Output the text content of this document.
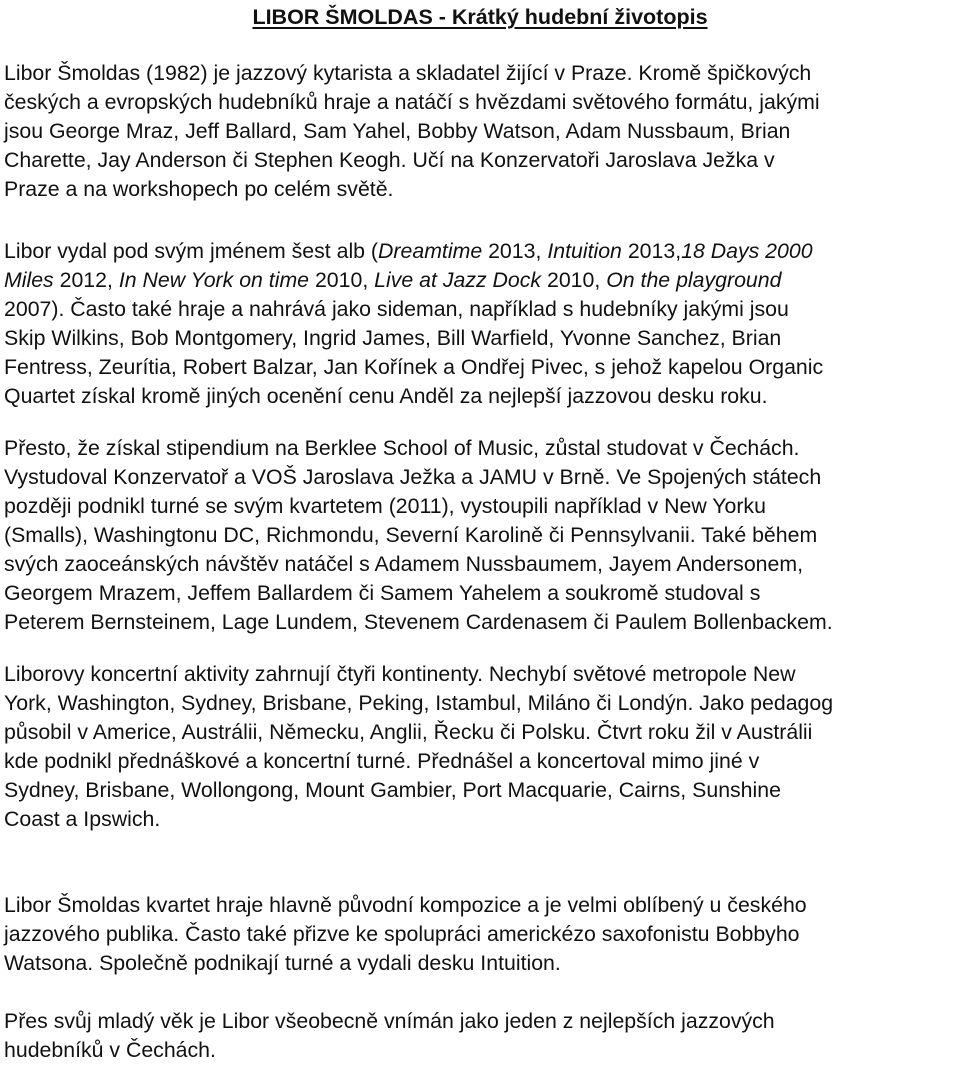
LIBOR ŠMOLDAS - Krátký hudební životopis

Libor Šmoldas (1982) je jazzový kytarista a skladatel žijící v Praze. Kromě špičkových
českých a evropských hudebníků hraje a natáčí s hvězdami světového formátu, jakými
jsou George Mraz, Jeff Ballard, Sam Yahel, Bobby Watson, Adam Nussbaum, Brian
Charette, Jay Anderson či Stephen Keogh. Učí na Konzervatoři Jaroslava Ježka v
Praze a na workshopech po celém světě.

Libor vydal pod svým jménem šest alb (Dreamtime 2013, Intuition 2013,18 Days 2000
Miles 2012, In New York on time 2010, Live at Jazz Dock 2010, On the playground
2007). Často také hraje a nahrává jako sideman, například s hudebníky jakými jsou
Skip Wilkins, Bob Montgomery, Ingrid James, Bill Warfield, Yvonne Sanchez, Brian
Fentress, Zeurítia, Robert Balzar, Jan Kořínek a Ondřej Pivec, s jehož kapelou Organic
Quartet získal kromě jiných ocenění cenu Anděl za nejlepší jazzovou desku roku.

Přesto, že získal stipendium na Berklee School of Music, zůstal studovat v Čechách.
Vystudoval Konzervatoř a VOŠ Jaroslava Ježka a JAMU v Brně. Ve Spojených státech
později podnikl turné se svým kvartetem (2011), vystoupili například v New Yorku
(Smalls), Washingtonu DC, Richmondu, Severní Karolině či Pennsylvanii. Také během
svých zaoceánských návštěv natáčel s Adamem Nussbaumem, Jayem Andersonem,
Georgem Mrazem, Jeffem Ballardem či Samem Yahelem a soukromě studoval s
Peterem Bernsteinem, Lage Lundem, Stevenem Cardenasem či Paulem Bollenbackem.

Liborovy koncertní aktivity zahrnují čtyři kontinenty. Nechybí světové metropole New
York, Washington, Sydney, Brisbane, Peking, Istambul, Miláno či Londýn. Jako pedagog
působil v Americe, Austrálii, Německu, Anglii, Řecku či Polsku. Čtvrt roku žil v Austrálii
kde podnikl přednáškové a koncertní turné. Přednášel a koncertoval mimo jiné v
Sydney, Brisbane, Wollongong, Mount Gambier, Port Macquarie, Cairns, Sunshine
Coast a Ipswich.

Libor Šmoldas kvartet hraje hlavně původní kompozice a je velmi oblíbený u českého
jazzového publika. Často také přizve ke spolupráci americkézo saxofonistu Bobbyho
Watsona. Společně podnikají turné a vydali desku Intuition.

Přes svůj mladý věk je Libor všeobecně vnímán jako jeden z nejlepších jazzových
hudebníků v Čechách.
